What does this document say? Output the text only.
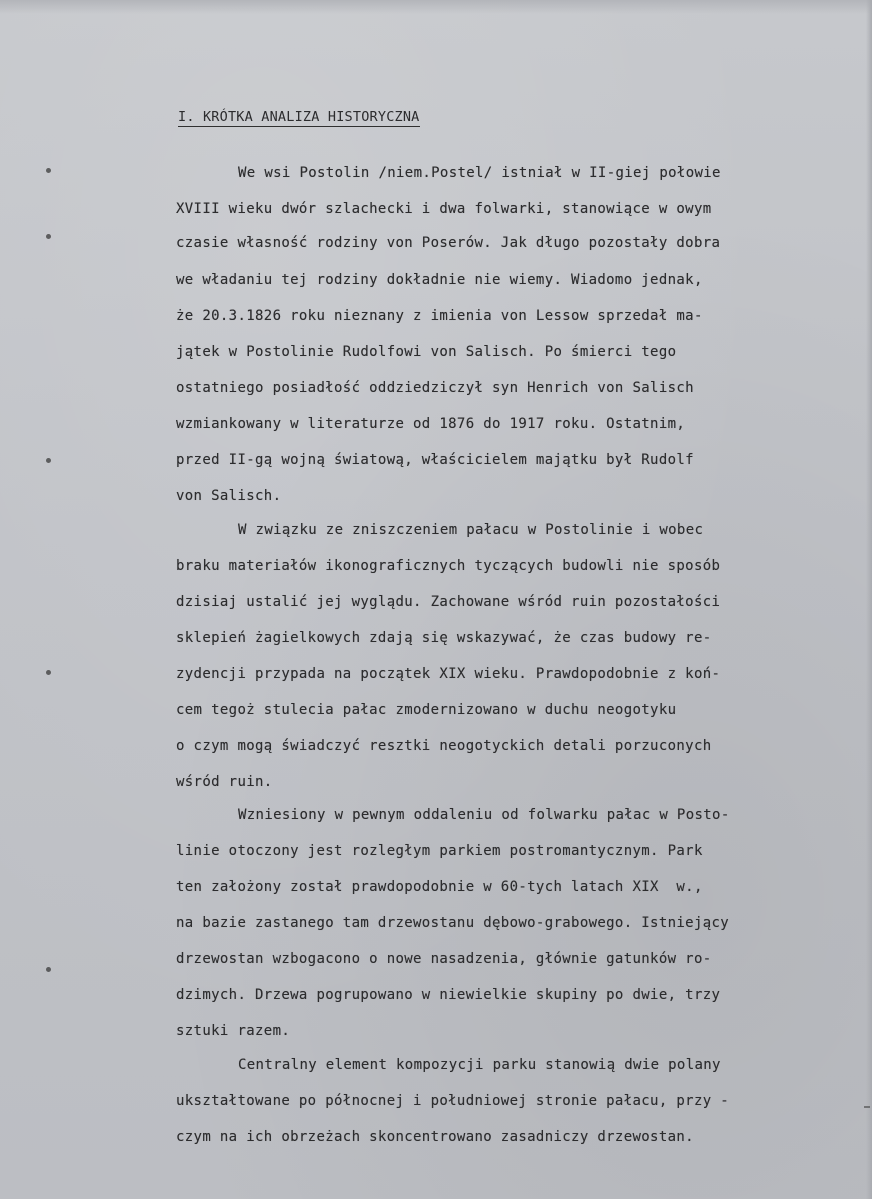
I. KRÓTKA ANALIZA HISTORYCZNA
We wsi Postolin /niem.Postel/ istniał w II-giej połowie
XVIII wieku dwór szlachecki i dwa folwarki, stanowiące w owym
czasie własność rodziny von Poserów. Jak długo pozostały dobra
we władaniu tej rodziny dokładnie nie wiemy. Wiadomo jednak,
że 20.3.1826 roku nieznany z imienia von Lessow sprzedał ma-
jątek w Postolinie Rudolfowi von Salisch. Po śmierci tego
ostatniego posiadłość oddziedziczył syn Henrich von Salisch
wzmiankowany w literaturze od 1876 do 1917 roku. Ostatnim,
przed II-gą wojną światową, właścicielem majątku był Rudolf
von Salisch.
W związku ze zniszczeniem pałacu w Postolinie i wobec
braku materiałów ikonograficznych tyczących budowli nie sposób
dzisiaj ustalić jej wyglądu. Zachowane wśród ruin pozostałości
sklepień żagielkowych zdają się wskazywać, że czas budowy re-
zydencji przypada na początek XIX wieku. Prawdopodobnie z koń-
cem tegoż stulecia pałac zmodernizowano w duchu neogotyku
o czym mogą świadczyć resztki neogotyckich detali porzuconych
wśród ruin.
Wzniesiony w pewnym oddaleniu od folwarku pałac w Posto-
linie otoczony jest rozległym parkiem postromantycznym. Park
ten założony został prawdopodobnie w 60-tych latach XIX  w.,
na bazie zastanego tam drzewostanu dębowo-grabowego. Istniejący
drzewostan wzbogacono o nowe nasadzenia, głównie gatunków ro-
dzimych. Drzewa pogrupowano w niewielkie skupiny po dwie, trzy
sztuki razem.
Centralny element kompozycji parku stanowią dwie polany
ukształtowane po północnej i południowej stronie pałacu, przy -
czym na ich obrzeżach skoncentrowano zasadniczy drzewostan.
